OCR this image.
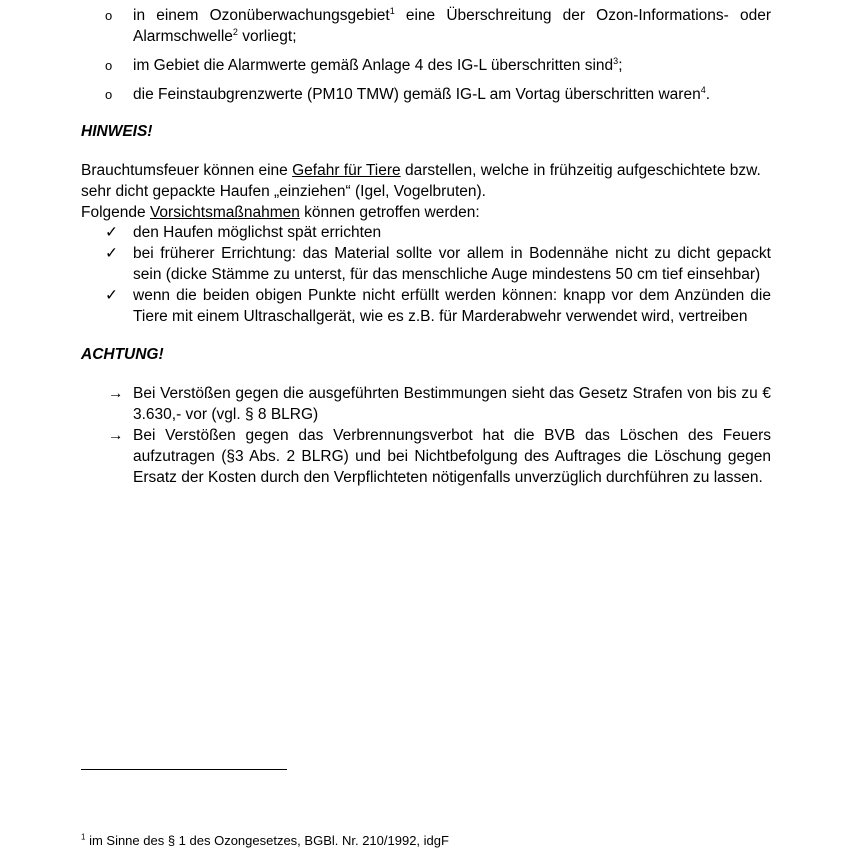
o in einem Ozonüberwachungsgebiet$^1$ eine Überschreitung der Ozon-Informations- oder Alarmschwelle$^2$ vorliegt;
o im Gebiet die Alarmwerte gemäß Anlage 4 des IG-L überschritten sind$^3$;
o die Feinstaubgrenzwerte (PM10 TMW) gemäß IG-L am Vortag überschritten waren$^4$.
HINWEIS!
Brauchtumsfeuer können eine Gefahr für Tiere darstellen, welche in frühzeitig aufgeschichtete bzw. sehr dicht gepackte Haufen „einziehen“ (Igel, Vogelbruten).
Folgende Vorsichtsmaßnahmen können getroffen werden:
✓ den Haufen möglichst spät errichten
✓ bei früherer Errichtung: das Material sollte vor allem in Bodennähe nicht zu dicht gepackt sein (dicke Stämme zu unterst, für das menschliche Auge mindestens 50 cm tief einsehbar)
✓ wenn die beiden obigen Punkte nicht erfüllt werden können: knapp vor dem Anzünden die Tiere mit einem Ultraschallgerät, wie es z.B. für Marderabwehr verwendet wird, vertreiben
ACHTUNG!
→ Bei Verstößen gegen die ausgeführten Bestimmungen sieht das Gesetz Strafen von bis zu € 3.630,- vor (vgl. § 8 BLRG)
→ Bei Verstößen gegen das Verbrennungsverbot hat die BVB das Löschen des Feuers aufzutragen (§3 Abs. 2 BLRG) und bei Nichtbefolgung des Auftrages die Löschung gegen Ersatz der Kosten durch den Verpflichteten nötigenfalls unverzüglich durchführen zu lassen.
$^1$ im Sinne des § 1 des Ozongesetzes, BGBl. Nr. 210/1992, idgF
